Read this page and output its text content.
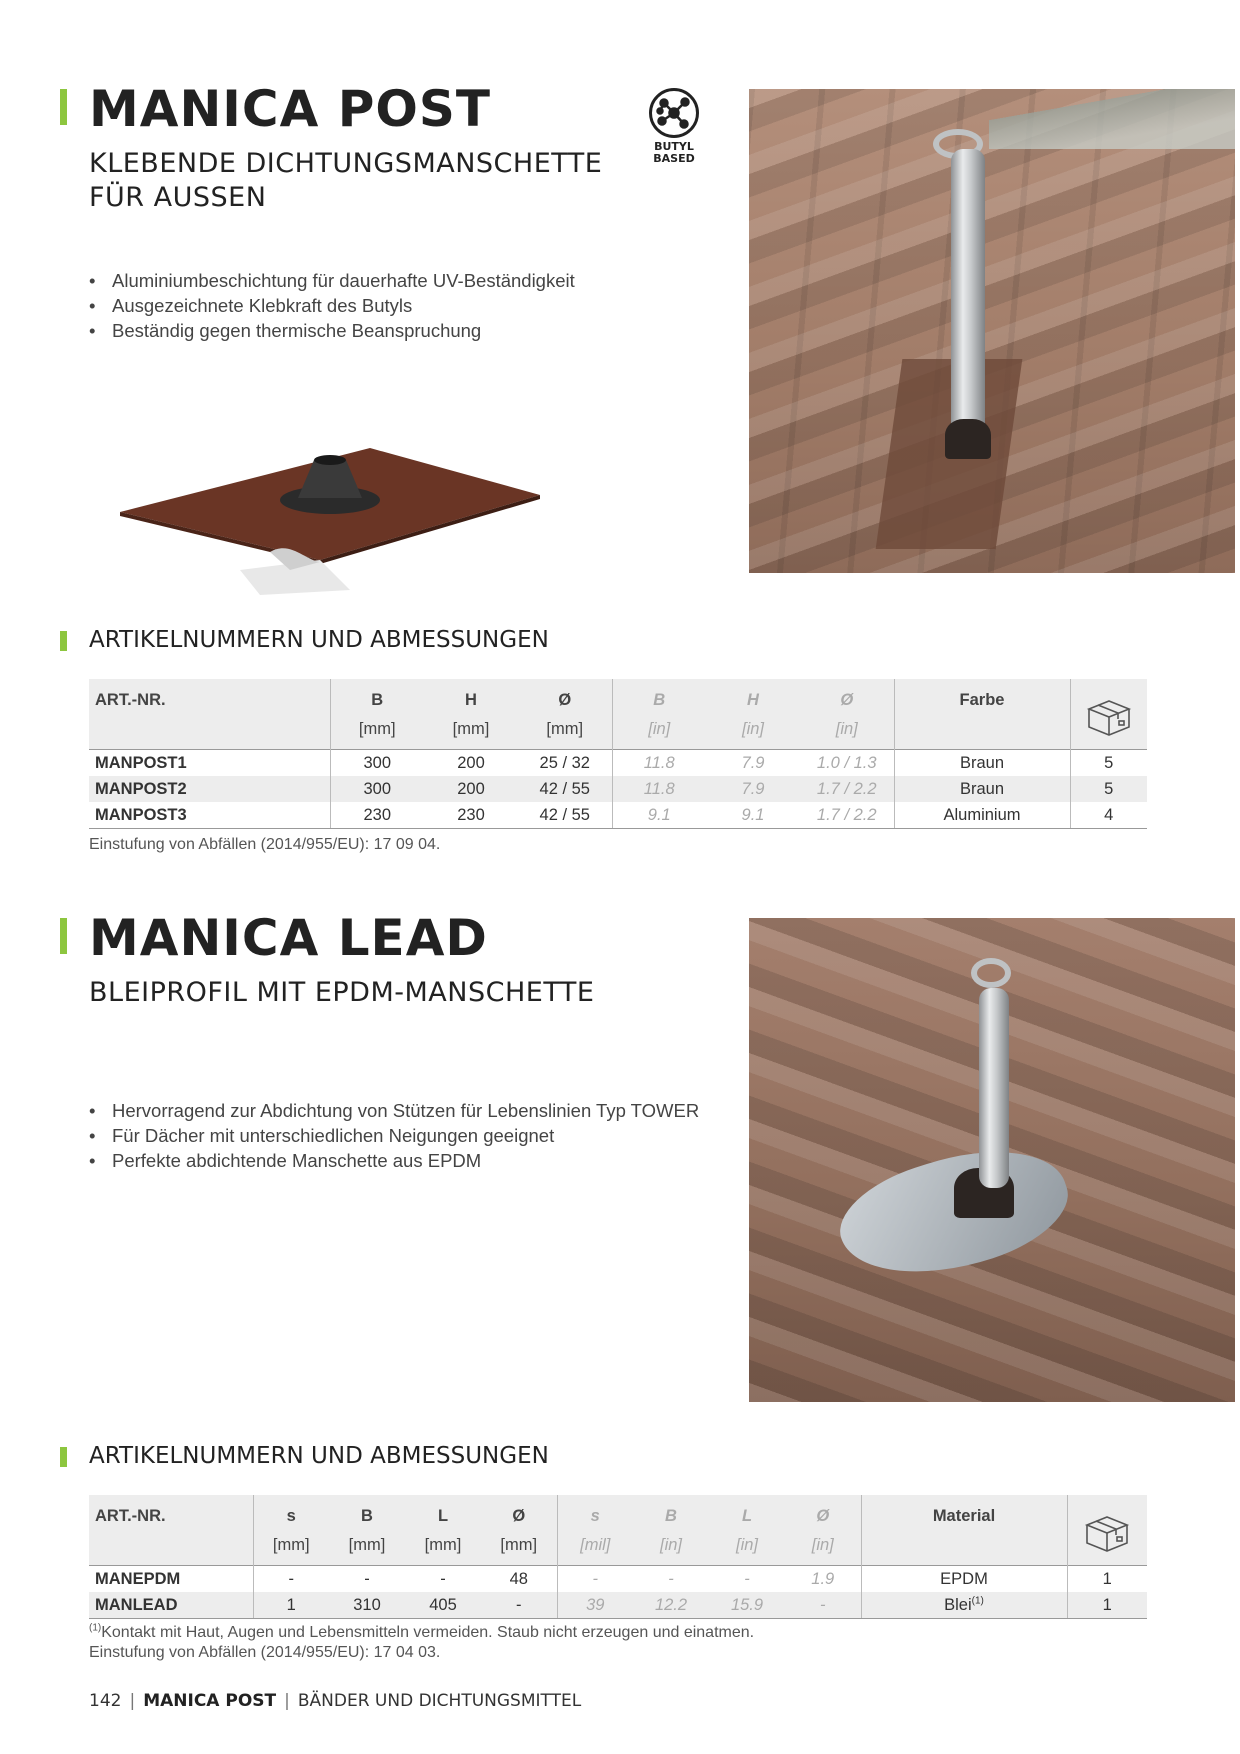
MANICA POST
KLEBENDE DICHTUNGSMANSCHETTE
FÜR AUSSEN
BUTYL
BASED
• Aluminiumbeschichtung für dauerhafte UV-Beständigkeit
• Ausgezeichnete Klebkraft des Butyls
• Beständig gegen thermische Beanspruchung
ARTIKELNUMMERN UND ABMESSUNGEN
ART.-NR.	B	H	Ø	B	H	Ø	Farbe	
	[mm]	[mm]	[mm]	[in]	[in]	[in]		
MANPOST1	300	200	25 / 32	11.8	7.9	1.0 / 1.3	Braun	5
MANPOST2	300	200	42 / 55	11.8	7.9	1.7 / 2.2	Braun	5
MANPOST3	230	230	42 / 55	9.1	9.1	1.7 / 2.2	Aluminium	4
Einstufung von Abfällen (2014/955/EU): 17 09 04.
MANICA LEAD
BLEIPROFIL MIT EPDM-MANSCHETTE
• Hervorragend zur Abdichtung von Stützen für Lebenslinien Typ TOWER
• Für Dächer mit unterschiedlichen Neigungen geeignet
• Perfekte abdichtende Manschette aus EPDM
ARTIKELNUMMERN UND ABMESSUNGEN
ART.-NR.	s	B	L	Ø	s	B	L	Ø	Material	
	[mm]	[mm]	[mm]	[mm]	[mil]	[in]	[in]	[in]		
MANEPDM	-	-	-	48	-	-	-	1.9	EPDM	1
MANLEAD	1	310	405	-	39	12.2	15.9	-	Blei$^{(1)}$	1
$^{(1)}$Kontakt mit Haut, Augen und Lebensmitteln vermeiden. Staub nicht erzeugen und einatmen.
Einstufung von Abfällen (2014/955/EU): 17 04 03.
142 | MANICA POST | BÄNDER UND DICHTUNGSMITTEL
